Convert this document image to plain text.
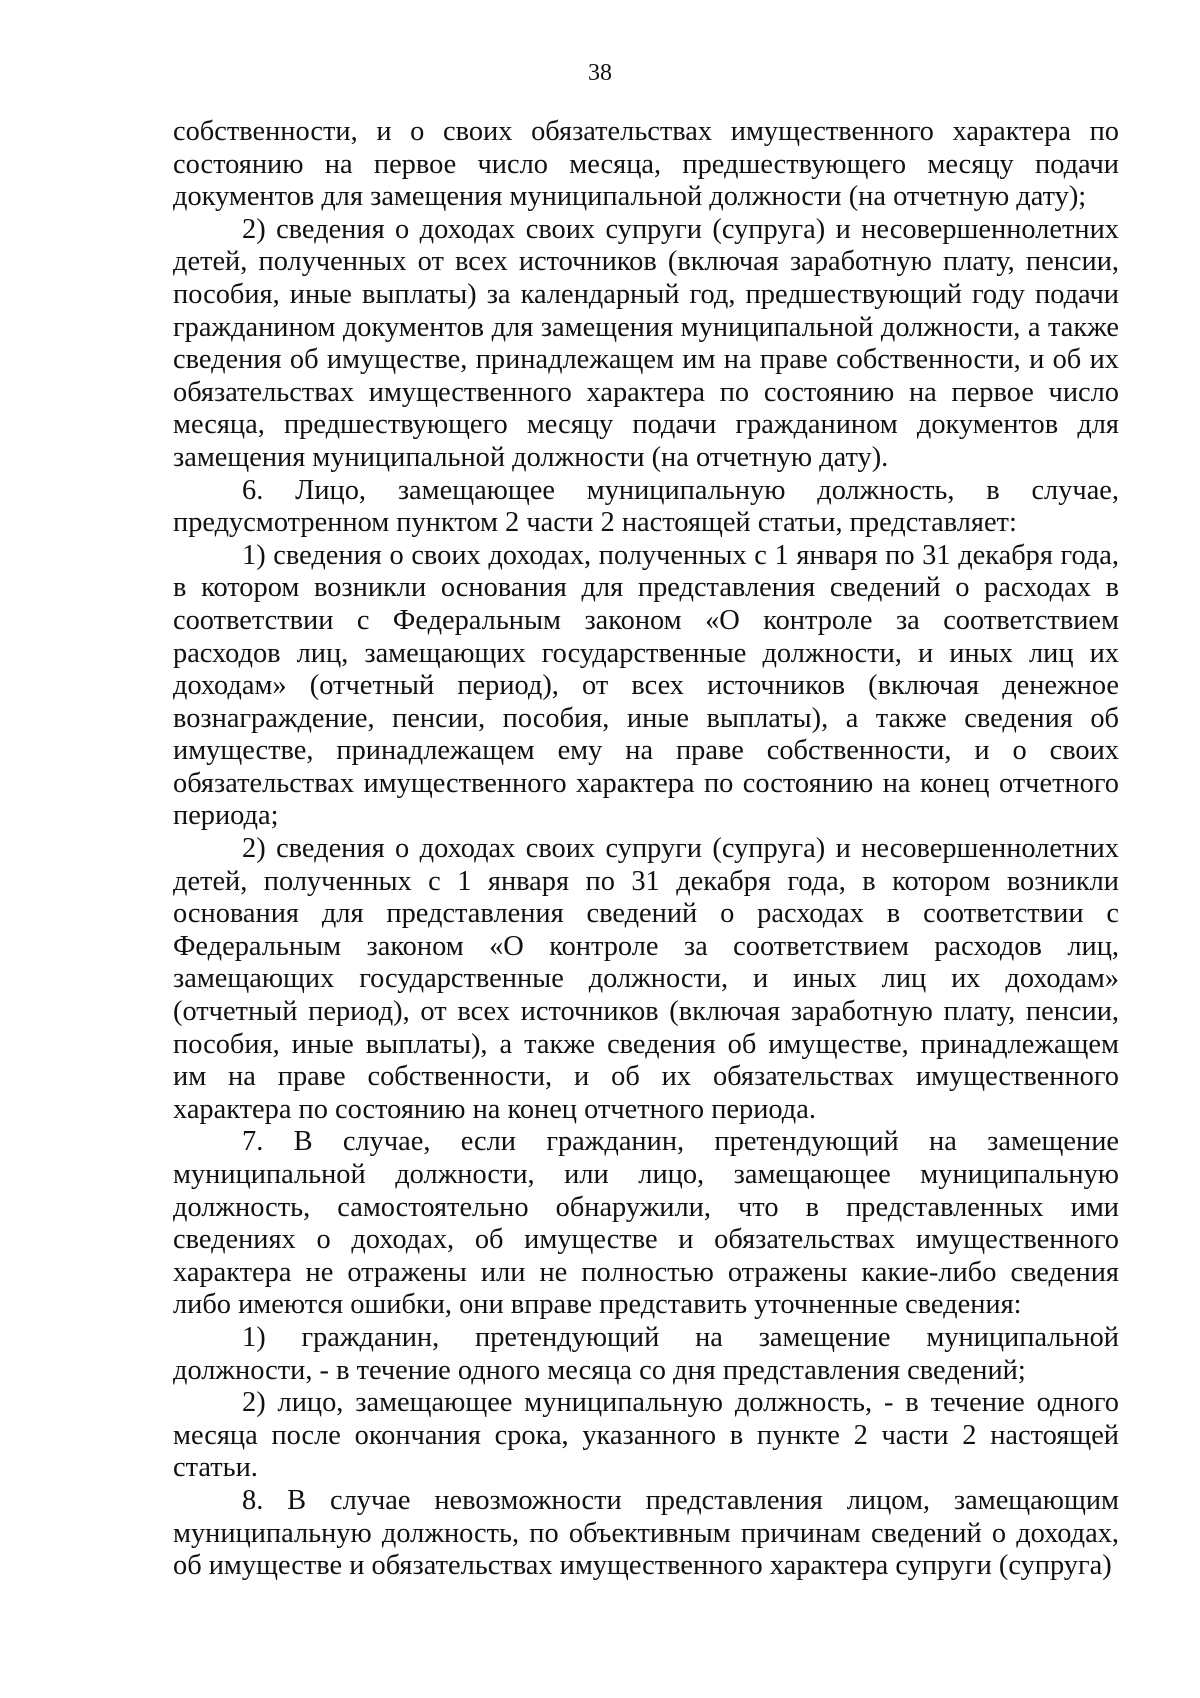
38

собственности, и о своих обязательствах имущественного характера по состоянию на первое число месяца, предшествующего месяцу подачи документов для замещения муниципальной должности (на отчетную дату);

2) сведения о доходах своих супруги (супруга) и несовершеннолетних детей, полученных от всех источников (включая заработную плату, пенсии, пособия, иные выплаты) за календарный год, предшествующий году подачи гражданином документов для замещения муниципальной должности, а также сведения об имуществе, принадлежащем им на праве собственности, и об их обязательствах имущественного характера по состоянию на первое число месяца, предшествующего месяцу подачи гражданином документов для замещения муниципальной должности (на отчетную дату).

6. Лицо, замещающее муниципальную должность, в случае, предусмотренном пунктом 2 части 2 настоящей статьи, представляет:

1) сведения о своих доходах, полученных с 1 января по 31 декабря года, в котором возникли основания для представления сведений о расходах в соответствии с Федеральным законом «О контроле за соответствием расходов лиц, замещающих государственные должности, и иных лиц их доходам» (отчетный период), от всех источников (включая денежное вознаграждение, пенсии, пособия, иные выплаты), а также сведения об имуществе, принадлежащем ему на праве собственности, и о своих обязательствах имущественного характера по состоянию на конец отчетного периода;

2) сведения о доходах своих супруги (супруга) и несовершеннолетних детей, полученных с 1 января по 31 декабря года, в котором возникли основания для представления сведений о расходах в соответствии с Федеральным законом «О контроле за соответствием расходов лиц, замещающих государственные должности, и иных лиц их доходам» (отчетный период), от всех источников (включая заработную плату, пенсии, пособия, иные выплаты), а также сведения об имуществе, принадлежащем им на праве собственности, и об их обязательствах имущественного характера по состоянию на конец отчетного периода.

7. В случае, если гражданин, претендующий на замещение муниципальной должности, или лицо, замещающее муниципальную должность, самостоятельно обнаружили, что в представленных ими сведениях о доходах, об имуществе и обязательствах имущественного характера не отражены или не полностью отражены какие-либо сведения либо имеются ошибки, они вправе представить уточненные сведения:

1) гражданин, претендующий на замещение муниципальной должности, - в течение одного месяца со дня представления сведений;

2) лицо, замещающее муниципальную должность, - в течение одного месяца после окончания срока, указанного в пункте 2 части 2 настоящей статьи.

8. В случае невозможности представления лицом, замещающим муниципальную должность, по объективным причинам сведений о доходах, об имуществе и обязательствах имущественного характера супруги (супруга)
